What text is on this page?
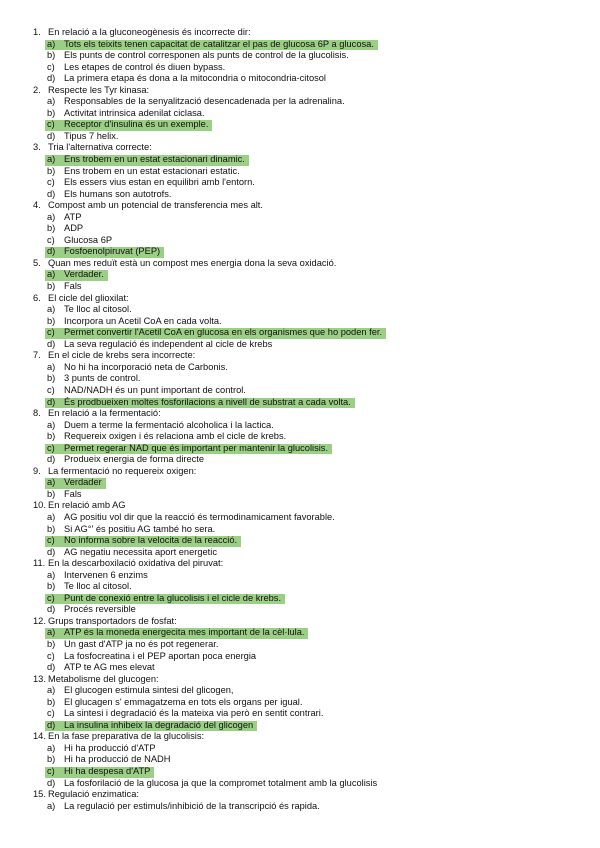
1. En relació a la gluconeogènesis és incorrecte dir:
a) Tots els teixits tenen capacitat de catalitzar el pas de glucosa 6P a glucosa.
b) Els punts de control corresponen als punts de control de la glucolisis.
c) Les etapes de control és diuen bypass.
d) La primera etapa és dona a la mitocondria o mitocondria-citosol
2. Respecte les Tyr kinasa:
a) Responsables de la senyalització desencadenada per la adrenalina.
b) Activitat intrinsica adenilat ciclasa.
c) Receptor d'insulina és un exemple.
d) Tipus 7 helix.
3. Tria l'alternativa correcte:
a) Ens trobem en un estat estacionari dinamic.
b) Ens trobem en un estat estacionari estatic.
c) Els essers vius estan en equilibri amb l'entorn.
d) Els humans son autotrofs.
4. Compost amb un potencial de transferencia mes alt.
a) ATP
b) ADP
c) Glucosa 6P
d) Fosfoenolpiruvat (PEP)
5. Quan mes reduït està un compost mes energia dona la seva oxidació.
a) Verdader.
b) Fals
6. El cicle del glioxilat:
a) Te lloc al citosol.
b) Incorpora un Acetil CoA en cada volta.
c) Permet convertir l'Acetil CoA en glucosa en els organismes que ho poden fer.
d) La seva regulació és independent al cicle de krebs
7. En el cicle de krebs sera incorrecte:
a) No hi ha incorporació neta de Carbonis.
b) 3 punts de control.
c) NAD/NADH és un punt important de control.
d) És prodbueixen moltes fosforilacions a nivell de substrat a cada volta.
8. En relació a la fermentació:
a) Duem a terme la fermentació alcoholica i la lactica.
b) Requereix oxigen i és relaciona amb el cicle de krebs.
c) Permet regerar NAD que és important per mantenir la glucolisis.
d) Produeix energia de forma directe
9. La fermentació no requereix oxigen:
a) Verdader
b) Fals
10. En relació amb AG
a) AG positiu vol dir que la reacció és termodinamicament favorable.
b) Si AG°' és positiu AG també ho sera.
c) No informa sobre la velocita de la reacció.
d) AG negatiu necessita aport energetic
11. En la descarboxilació oxidativa del piruvat:
a) Intervenen 6 enzims
b) Te lloc al citosol.
c) Punt de conexió entre la glucolisis i el cicle de krebs.
d) Procés reversible
12. Grups transportadors de fosfat:
a) ATP és la moneda energecita mes important de la cèl·lula.
b) Un gast d'ATP ja no és pot regenerar.
c) La fosfocreatina i el PEP aportan poca energia
d) ATP te AG mes elevat
13. Metabolisme del glucogen:
a) El glucogen estimula sintesi del glicogen,
b) El glucagen s' emmagatzema en tots els organs per igual.
c) La sintesi i degradació és la mateixa via però en sentit contrari.
d) La insulina inhibeix la degradació del glicogen
14. En la fase preparativa de la glucolisis:
a) Hi ha producció d'ATP
b) Hi ha producció de NADH
c) Hi ha despesa d'ATP
d) La fosforilació de la glucosa ja que la compromet totalment amb la glucolisis
15. Regulació enzimatica:
a) La regulació per estimuls/inhibició de la transcripció és rapida.
